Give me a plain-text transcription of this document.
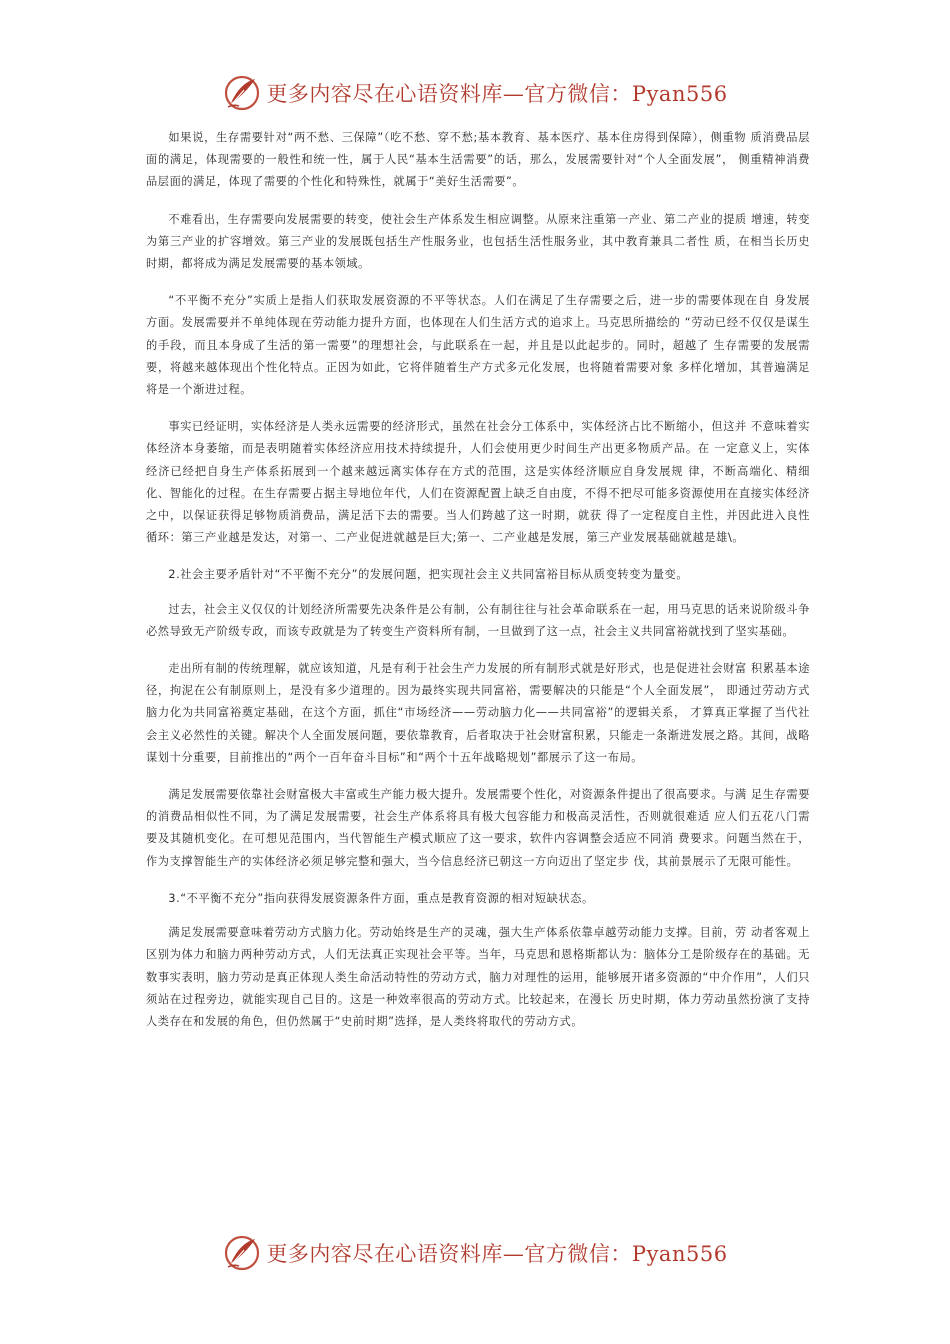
更多内容尽在心语资料库—官方微信：Pyan556

如果说，生存需要针对“两不愁、三保障”（吃不愁、穿不愁;基本教育、基本医疗、基本住房得到保障），侧重物 质消费品层面的满足，体现需要的一般性和统一性，属于人民“基本生活需要”的话，那么，发展需要针对“个人全面发展”， 侧重精神消费品层面的满足，体现了需要的个性化和特殊性，就属于“美好生活需要”。

不难看出，生存需要向发展需要的转变，使社会生产体系发生相应调整。从原来注重第一产业、第二产业的提质 增速，转变为第三产业的扩容增效。第三产业的发展既包括生产性服务业，也包括生活性服务业，其中教育兼具二者性 质，在相当长历史时期，都将成为满足发展需要的基本领域。

“不平衡不充分”实质上是指人们获取发展资源的不平等状态。人们在满足了生存需要之后，进一步的需要体现在自 身发展方面。发展需要并不单纯体现在劳动能力提升方面，也体现在人们生活方式的追求上。马克思所描绘的 “劳动已经不仅仅是谋生的手段，而且本身成了生活的第一需要”的理想社会，与此联系在一起，并且是以此起步的。同时，超越了 生存需要的发展需要，将越来越体现出个性化特点。正因为如此，它将伴随着生产方式多元化发展，也将随着需要对象 多样化增加，其普遍满足将是一个渐进过程。

事实已经证明，实体经济是人类永远需要的经济形式，虽然在社会分工体系中，实体经济占比不断缩小，但这并 不意味着实体经济本身萎缩，而是表明随着实体经济应用技术持续提升，人们会使用更少时间生产出更多物质产品。在 一定意义上，实体经济已经把自身生产体系拓展到一个越来越远离实体存在方式的范围，这是实体经济顺应自身发展规 律，不断高端化、精细化、智能化的过程。在生存需要占据主导地位年代，人们在资源配置上缺乏自由度，不得不把尽可能多资源使用在直接实体经济之中，以保证获得足够物质消费品，满足活下去的需要。当人们跨越了这一时期，就获 得了一定程度自主性，并因此进入良性循环：第三产业越是发达，对第一、二产业促进就越是巨大;第一、二产业越是发展，第三产业发展基础就越是雄\。

2.社会主要矛盾针对“不平衡不充分”的发展问题，把实现社会主义共同富裕目标从质变转变为量变。

过去，社会主义仅仅的计划经济所需要先决条件是公有制，公有制往往与社会革命联系在一起，用马克思的话来说阶级斗争必然导致无产阶级专政，而该专政就是为了转变生产资料所有制，一旦做到了这一点，社会主义共同富裕就找到了坚实基础。

走出所有制的传统理解，就应该知道，凡是有利于社会生产力发展的所有制形式就是好形式，也是促进社会财富 积累基本途径，拘泥在公有制原则上，是没有多少道理的。因为最终实现共同富裕，需要解决的只能是“个人全面发展”， 即通过劳动方式脑力化为共同富裕奠定基础，在这个方面，抓住“市场经济——劳动脑力化——共同富裕”的逻辑关系， 才算真正掌握了当代社会主义必然性的关键。解决个人全面发展问题，要依靠教育，后者取决于社会财富积累，只能走一条渐进发展之路。其间，战略谋划十分重要，目前推出的“两个一百年奋斗目标”和“两个十五年战略规划”都展示了这一布局。

满足发展需要依靠社会财富极大丰富或生产能力极大提升。发展需要个性化，对资源条件提出了很高要求。与满 足生存需要的消费品相似性不同，为了满足发展需要，社会生产体系将具有极大包容能力和极高灵活性，否则就很难适 应人们五花八门需要及其随机变化。在可想见范围内，当代智能生产模式顺应了这一要求，软件内容调整会适应不同消 费要求。问题当然在于，作为支撑智能生产的实体经济必须足够完整和强大，当今信息经济已朝这一方向迈出了坚定步 伐，其前景展示了无限可能性。

3.“不平衡不充分”指向获得发展资源条件方面，重点是教育资源的相对短缺状态。

满足发展需要意味着劳动方式脑力化。劳动始终是生产的灵魂，强大生产体系依靠卓越劳动能力支撑。目前，劳 动者客观上区别为体力和脑力两种劳动方式，人们无法真正实现社会平等。当年，马克思和恩格斯都认为：脑体分工是阶级存在的基础。无数事实表明，脑力劳动是真正体现人类生命活动特性的劳动方式，脑力对理性的运用，能够展开诸多资源的“中介作用”，人们只须站在过程旁边，就能实现自己目的。这是一种效率很高的劳动方式。比较起来，在漫长 历史时期，体力劳动虽然扮演了支持人类存在和发展的角色，但仍然属于“史前时期”选择，是人类终将取代的劳动方式。

更多内容尽在心语资料库—官方微信：Pyan556
